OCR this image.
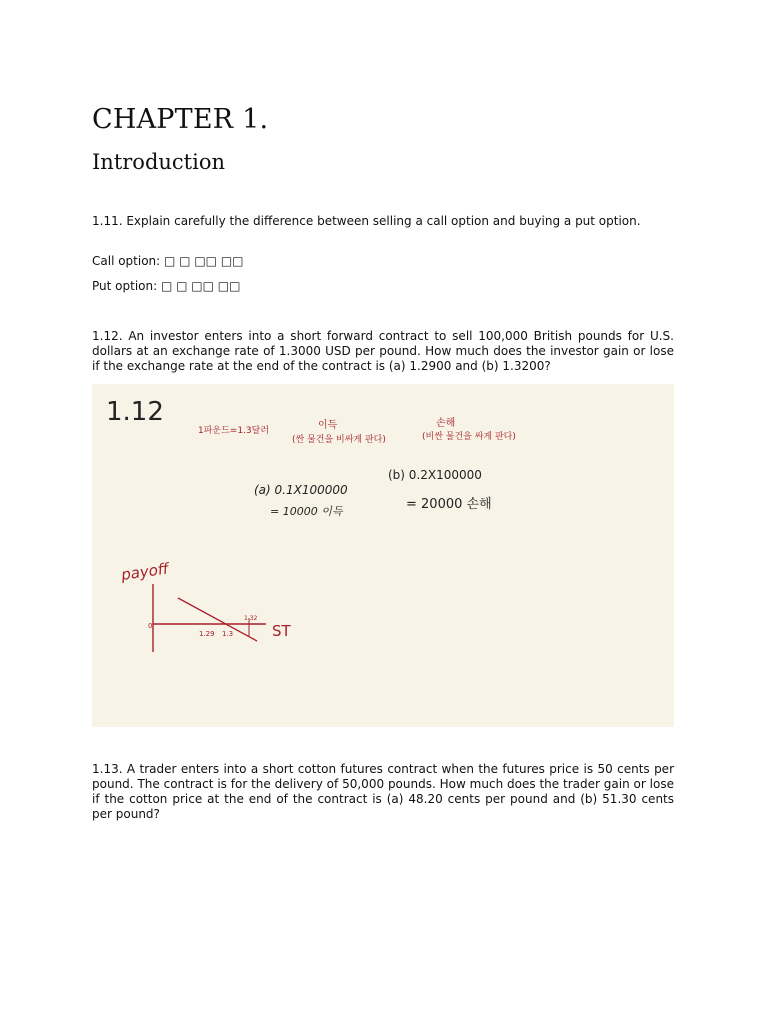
CHAPTER 1.
Introduction

1.11. Explain carefully the difference between selling a call option and buying a put option.

Call option: □ □ □□ □□

Put option: □ □ □□ □□

1.12. An investor enters into a short forward contract to sell 100,000 British pounds for U.S. dollars at an exchange rate of 1.3000 USD per pound. How much does the investor gain or lose if the exchange rate at the end of the contract is (a) 1.2900 and (b) 1.3200?

1.12
1파운드=1.3달러	이득
(싼 물건을 비싸게 판다)
손해
(비싼 물건을 싸게 판다)
(a) 0.1X100000
= 10000 이득
(b) 0.2X100000
= 20000 손해
payoff
0
1.29 1.3
1.32
ST

1.13. A trader enters into a short cotton futures contract when the futures price is 50 cents per pound. The contract is for the delivery of 50,000 pounds. How much does the trader gain or lose if the cotton price at the end of the contract is (a) 48.20 cents per pound and (b) 51.30 cents per pound?
